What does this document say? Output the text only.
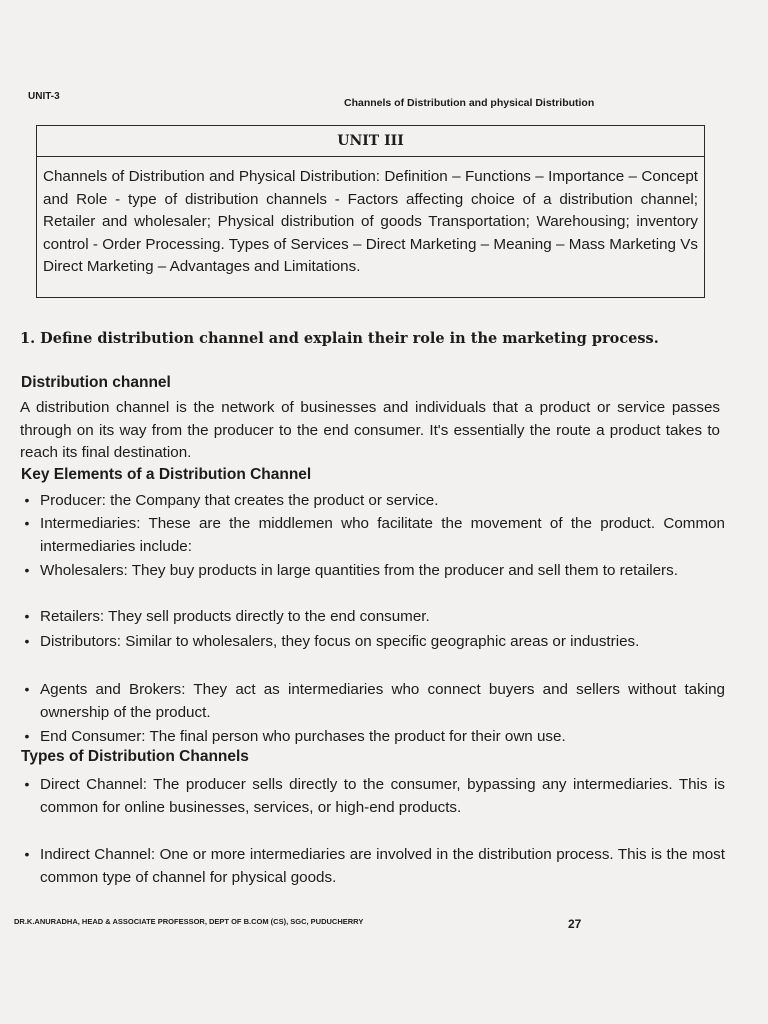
UNIT-3
Channels of Distribution and physical Distribution
UNIT III
Channels of Distribution and Physical Distribution: Definition – Functions – Importance – Concept and Role - type of distribution channels - Factors affecting choice of a distribution channel; Retailer and wholesaler; Physical distribution of goods Transportation; Warehousing; inventory control - Order Processing. Types of Services – Direct Marketing – Meaning – Mass Marketing Vs Direct Marketing – Advantages and Limitations.
1. Define distribution channel and explain their role in the marketing process.
Distribution channel
A distribution channel is the network of businesses and individuals that a product or service passes through on its way from the producer to the end consumer. It's essentially the route a product takes to reach its final destination.
Key Elements of a Distribution Channel
• Producer: the Company that creates the product or service.
• Intermediaries: These are the middlemen who facilitate the movement of the product. Common intermediaries include:
• Wholesalers: They buy products in large quantities from the producer and sell them to retailers.
• Retailers: They sell products directly to the end consumer.
• Distributors: Similar to wholesalers, they focus on specific geographic areas or industries.
• Agents and Brokers: They act as intermediaries who connect buyers and sellers without taking ownership of the product.
• End Consumer: The final person who purchases the product for their own use.
Types of Distribution Channels
• Direct Channel: The producer sells directly to the consumer, bypassing any intermediaries. This is common for online businesses, services, or high-end products.
• Indirect Channel: One or more intermediaries are involved in the distribution process. This is the most common type of channel for physical goods.
DR.K.ANURADHA, HEAD & ASSOCIATE PROFESSOR, DEPT OF B.COM (CS), SGC, PUDUCHERRY	27
